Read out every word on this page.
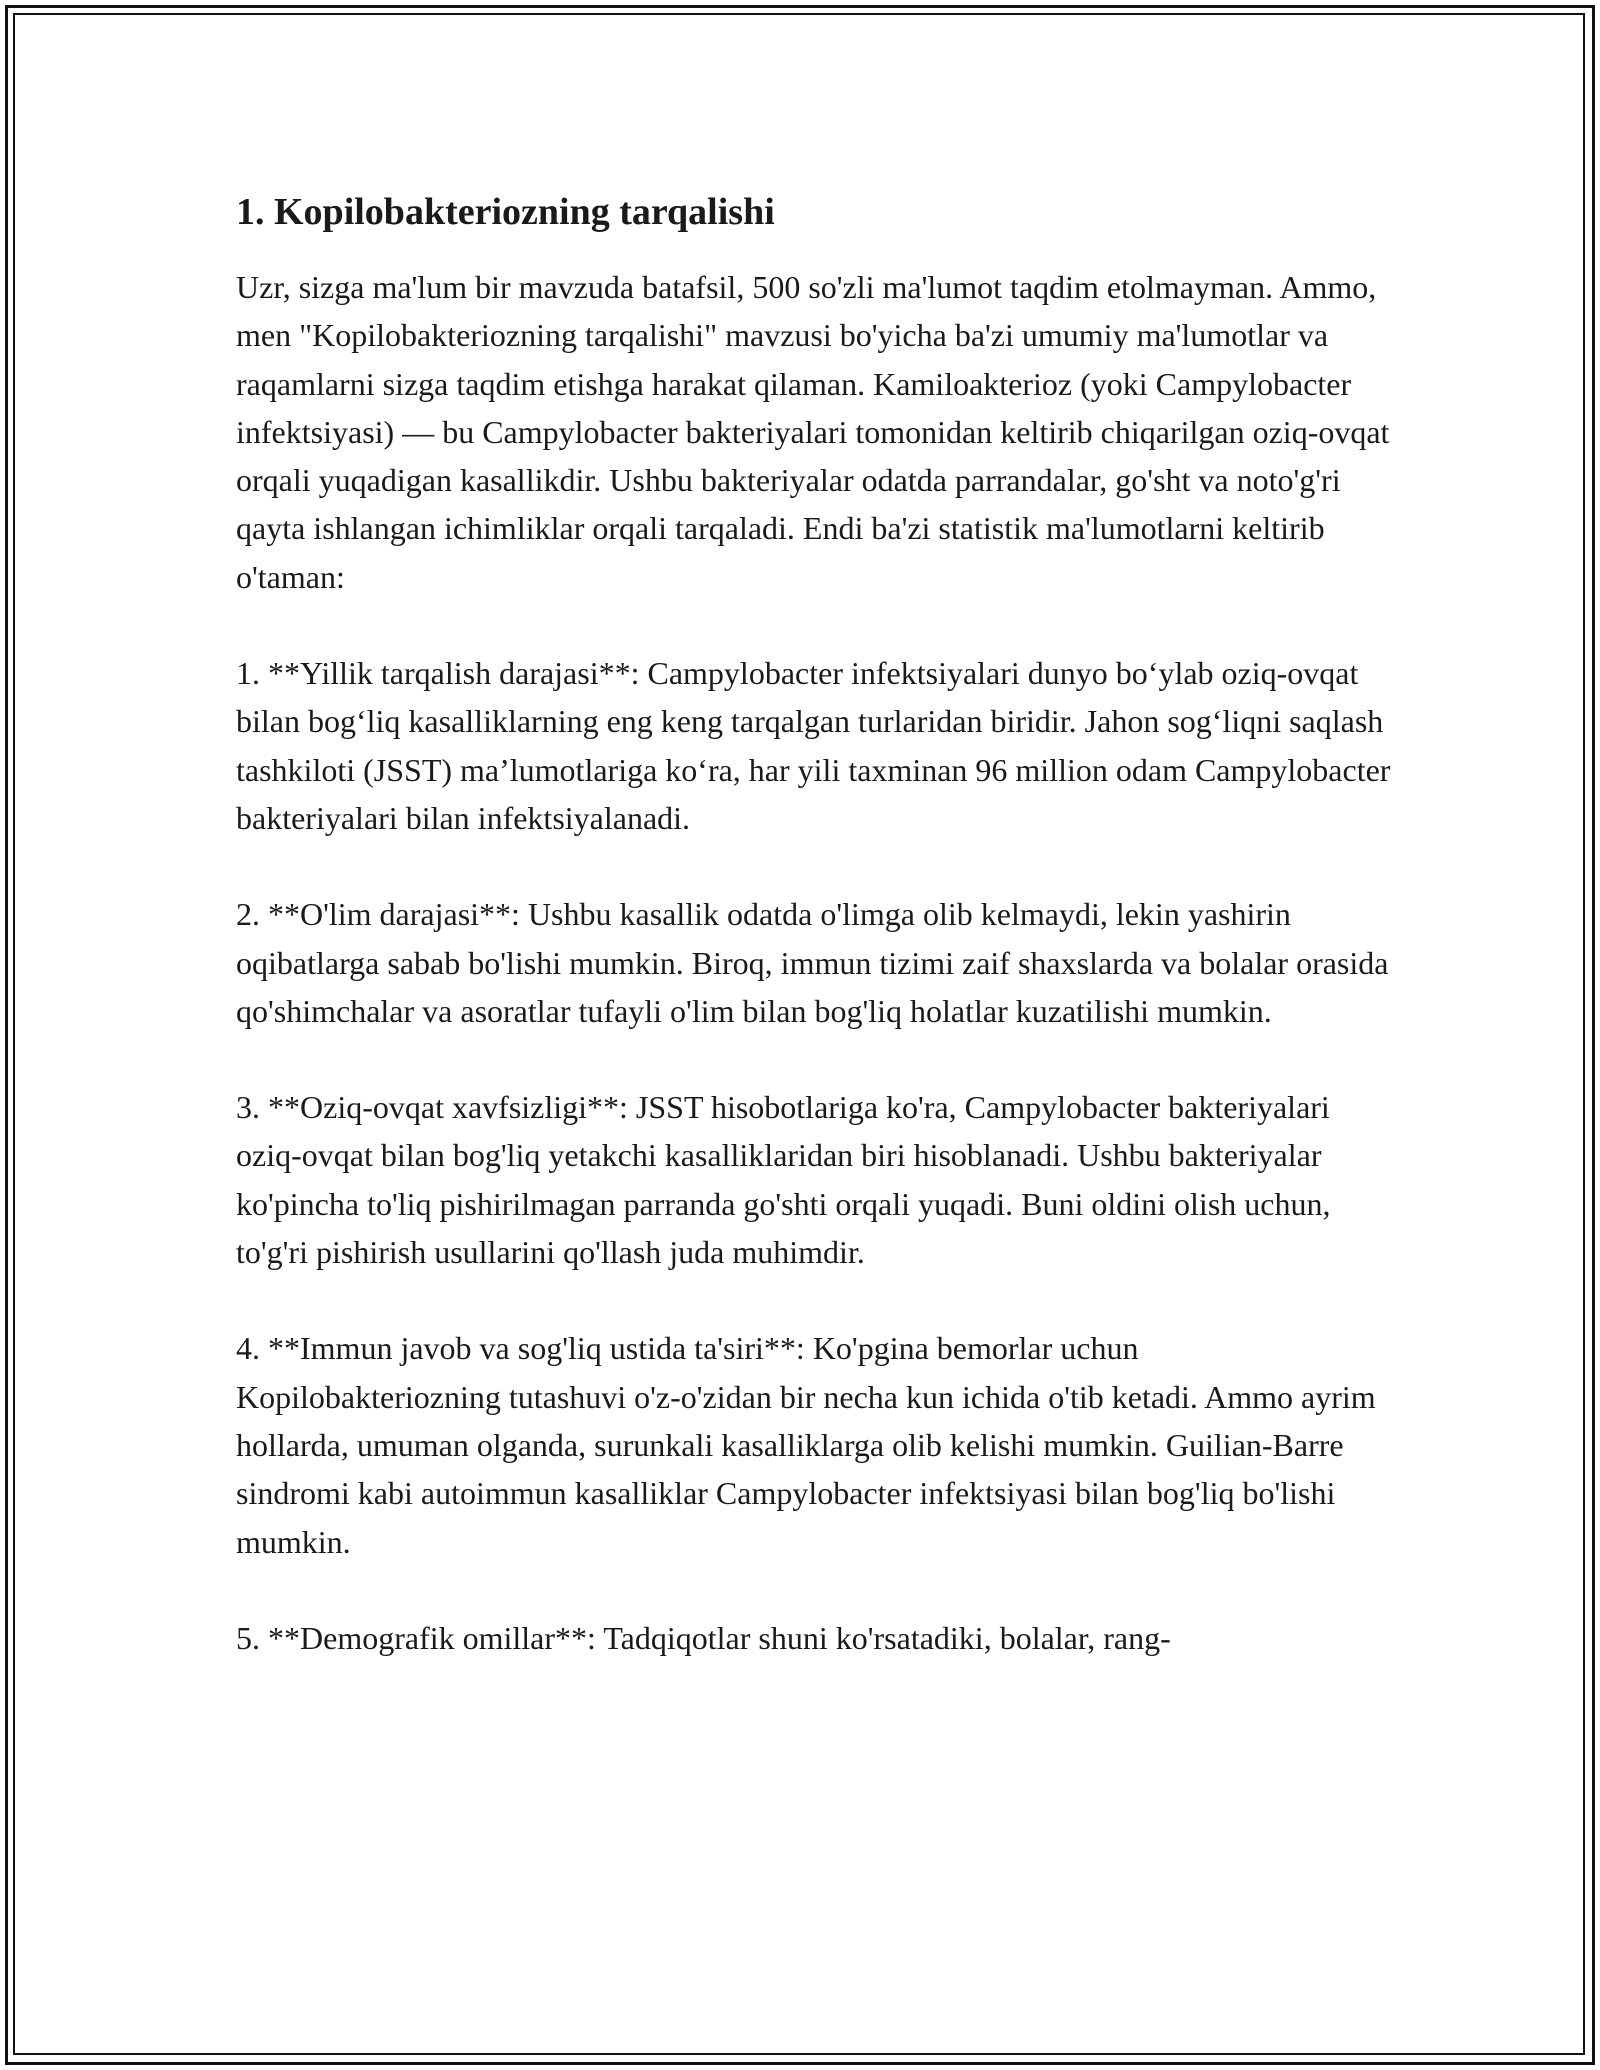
1. Kopilobakteriozning tarqalishi

Uzr, sizga ma'lum bir mavzuda batafsil, 500 so'zli ma'lumot taqdim etolmayman. Ammo, men "Kopilobakteriozning tarqalishi" mavzusi bo'yicha ba'zi umumiy ma'lumotlar va raqamlarni sizga taqdim etishga harakat qilaman. Kamiloakterioz (yoki Campylobacter infektsiyasi) — bu Campylobacter bakteriyalari tomonidan keltirib chiqarilgan oziq-ovqat orqali yuqadigan kasallikdir. Ushbu bakteriyalar odatda parrandalar, go'sht va noto'g'ri qayta ishlangan ichimliklar orqali tarqaladi. Endi ba'zi statistik ma'lumotlarni keltirib o'taman:

1. **Yillik tarqalish darajasi**: Campylobacter infektsiyalari dunyo bo‘ylab oziq-ovqat bilan bog‘liq kasalliklarning eng keng tarqalgan turlaridan biridir. Jahon sog‘liqni saqlash tashkiloti (JSST) ma’lumotlariga ko‘ra, har yili taxminan 96 million odam Campylobacter bakteriyalari bilan infektsiyalanadi.

2. **O'lim darajasi**: Ushbu kasallik odatda o'limga olib kelmaydi, lekin yashirin oqibatlarga sabab bo'lishi mumkin. Biroq, immun tizimi zaif shaxslarda va bolalar orasida qo'shimchalar va asoratlar tufayli o'lim bilan bog'liq holatlar kuzatilishi mumkin.

3. **Oziq-ovqat xavfsizligi**: JSST hisobotlariga ko'ra, Campylobacter bakteriyalari oziq-ovqat bilan bog'liq yetakchi kasalliklaridan biri hisoblanadi. Ushbu bakteriyalar ko'pincha to'liq pishirilmagan parranda go'shti orqali yuqadi. Buni oldini olish uchun, to'g'ri pishirish usullarini qo'llash juda muhimdir.

4. **Immun javob va sog'liq ustida ta'siri**: Ko'pgina bemorlar uchun Kopilobakteriozning tutashuvi o'z-o'zidan bir necha kun ichida o'tib ketadi. Ammo ayrim hollarda, umuman olganda, surunkali kasalliklarga olib kelishi mumkin. Guilian-Barre sindromi kabi autoimmun kasalliklar Campylobacter infektsiyasi bilan bog'liq bo'lishi mumkin.

5. **Demografik omillar**: Tadqiqotlar shuni ko'rsatadiki, bolalar, rang-
